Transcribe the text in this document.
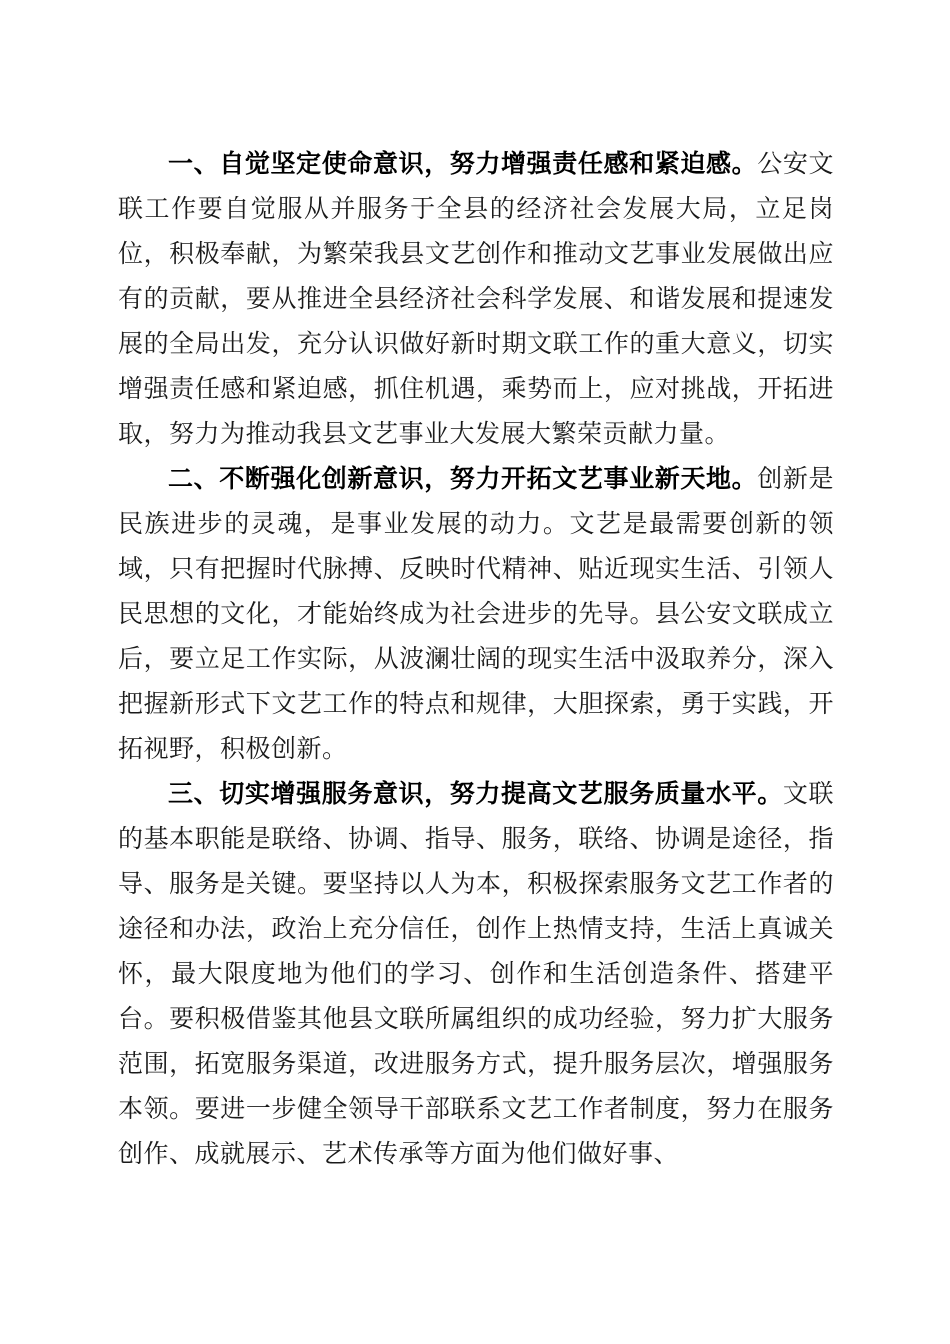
一、自觉坚定使命意识，努力增强责任感和紧迫感。公安文联工作要自觉服从并服务于全县的经济社会发展大局，立足岗位，积极奉献，为繁荣我县文艺创作和推动文艺事业发展做出应有的贡献，要从推进全县经济社会科学发展、和谐发展和提速发展的全局出发，充分认识做好新时期文联工作的重大意义，切实增强责任感和紧迫感，抓住机遇，乘势而上，应对挑战，开拓进取，努力为推动我县文艺事业大发展大繁荣贡献力量。

二、不断强化创新意识，努力开拓文艺事业新天地。创新是民族进步的灵魂，是事业发展的动力。文艺是最需要创新的领域，只有把握时代脉搏、反映时代精神、贴近现实生活、引领人民思想的文化，才能始终成为社会进步的先导。县公安文联成立后，要立足工作实际，从波澜壮阔的现实生活中汲取养分，深入把握新形式下文艺工作的特点和规律，大胆探索，勇于实践，开拓视野，积极创新。

三、切实增强服务意识，努力提高文艺服务质量水平。文联的基本职能是联络、协调、指导、服务，联络、协调是途径，指导、服务是关键。要坚持以人为本，积极探索服务文艺工作者的途径和办法，政治上充分信任，创作上热情支持，生活上真诚关怀，最大限度地为他们的学习、创作和生活创造条件、搭建平台。要积极借鉴其他县文联所属组织的成功经验，努力扩大服务范围，拓宽服务渠道，改进服务方式，提升服务层次，增强服务本领。要进一步健全领导干部联系文艺工作者制度，努力在服务创作、成就展示、艺术传承等方面为他们做好事、
